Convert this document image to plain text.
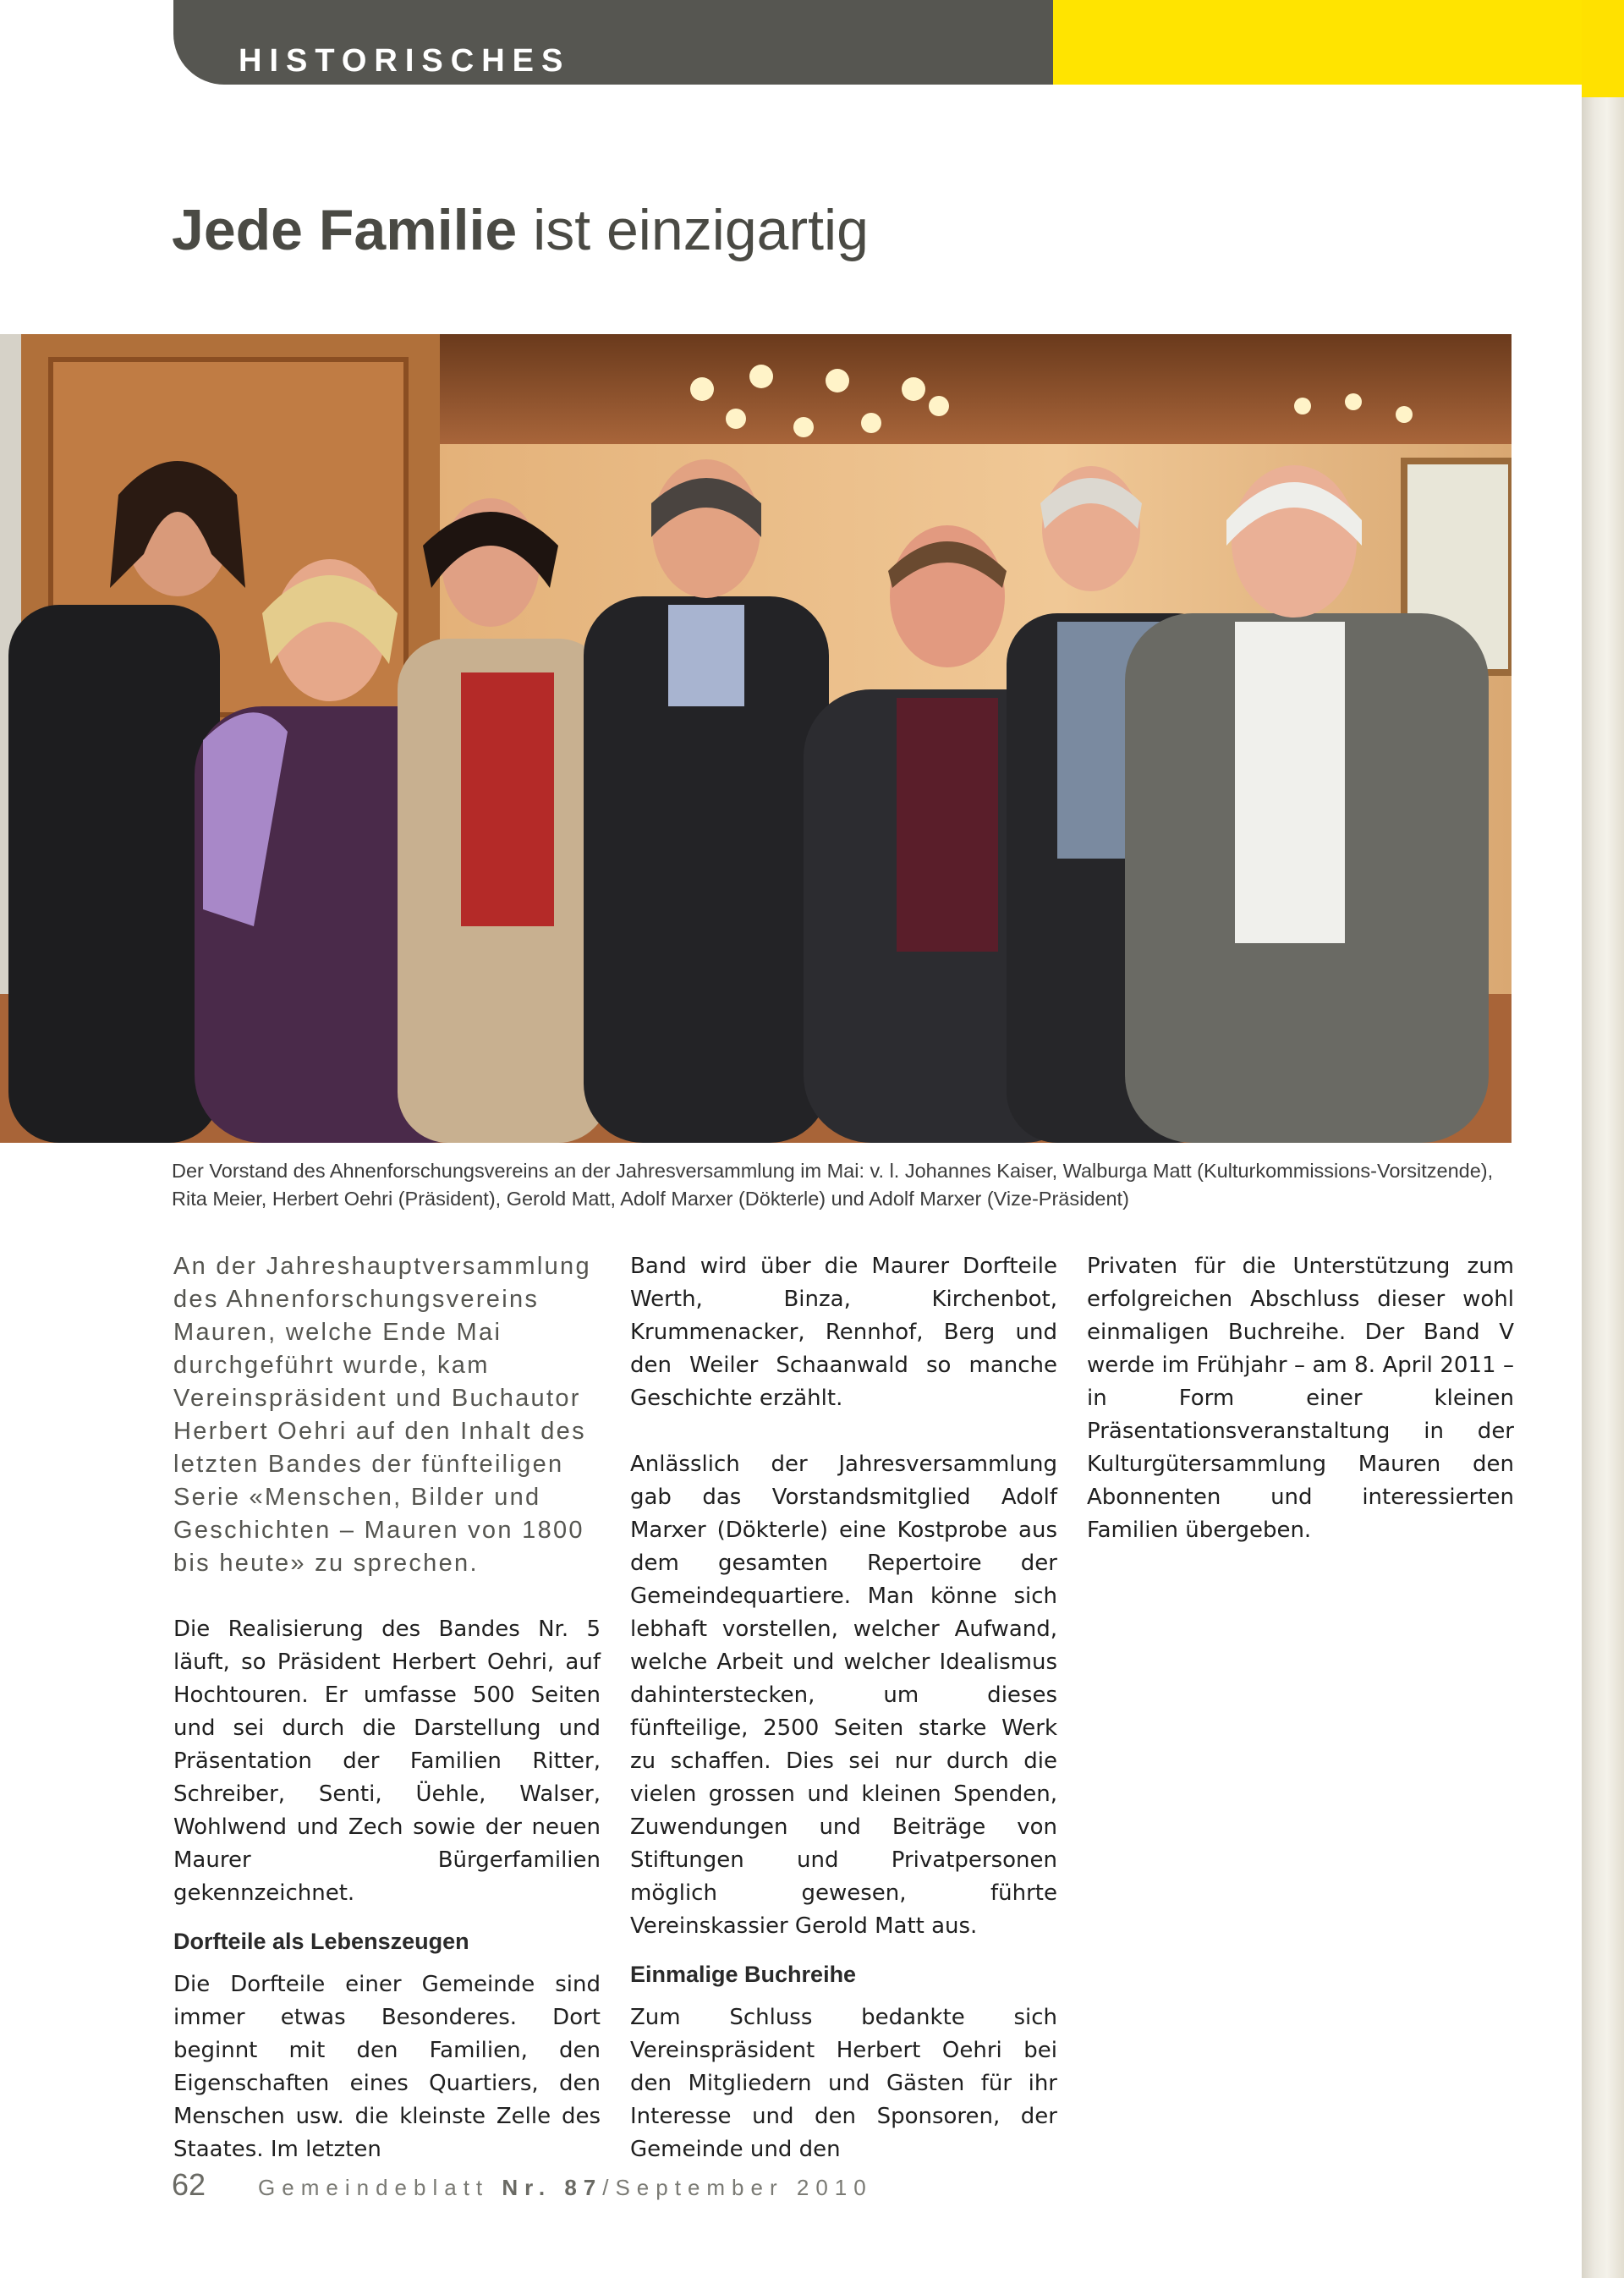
HISTORISCHES
Jede Familie ist einzigartig
Der Vorstand des Ahnenforschungsvereins an der Jahresversammlung im Mai: v. l. Johannes Kaiser, Walburga Matt (Kulturkommissions-Vorsitzende), Rita Meier, Herbert Oehri (Präsident), Gerold Matt, Adolf Marxer (Dökterle) und Adolf Marxer (Vize-Präsident)

An der Jahreshauptversammlung des Ahnenforschungsvereins Mauren, welche Ende Mai durchgeführt wurde, kam Vereinspräsident und Buchautor Herbert Oehri auf den Inhalt des letzten Bandes der fünfteiligen Serie «Menschen, Bilder und Geschichten – Mauren von 1800 bis heute» zu sprechen.

Die Realisierung des Bandes Nr. 5 läuft, so Präsident Herbert Oehri, auf Hochtouren. Er umfasse 500 Seiten und sei durch die Darstellung und Präsentation der Familien Ritter, Schreiber, Senti, Üehle, Walser, Wohlwend und Zech sowie der neuen Maurer Bürgerfamilien gekennzeichnet.

Dorfteile als Lebenszeugen

Die Dorfteile einer Gemeinde sind immer etwas Besonderes. Dort beginnt mit den Familien, den Eigenschaften eines Quartiers, den Menschen usw. die kleinste Zelle des Staates. Im letzten

Band wird über die Maurer Dorfteile Werth, Binza, Kirchenbot, Krummenacker, Rennhof, Berg und den Weiler Schaanwald so manche Geschichte erzählt.

Anlässlich der Jahresversammlung gab das Vorstandsmitglied Adolf Marxer (Dökterle) eine Kostprobe aus dem gesamten Repertoire der Gemeindequartiere. Man könne sich lebhaft vorstellen, welcher Aufwand, welche Arbeit und welcher Idealismus dahinterstecken, um dieses fünfteilige, 2500 Seiten starke Werk zu schaffen. Dies sei nur durch die vielen grossen und kleinen Spenden, Zuwendungen und Beiträge von Stiftungen und Privatpersonen möglich gewesen, führte Vereinskassier Gerold Matt aus.

Einmalige Buchreihe

Zum Schluss bedankte sich Vereinspräsident Herbert Oehri bei den Mitgliedern und Gästen für ihr Interesse und den Sponsoren, der Gemeinde und den

Privaten für die Unterstützung zum erfolgreichen Abschluss dieser wohl einmaligen Buchreihe. Der Band V werde im Frühjahr – am 8. April 2011 – in Form einer kleinen Präsentationsveranstaltung in der Kulturgütersammlung Mauren den Abonnenten und interessierten Familien übergeben.

62 Gemeindeblatt Nr. 87/September 2010
